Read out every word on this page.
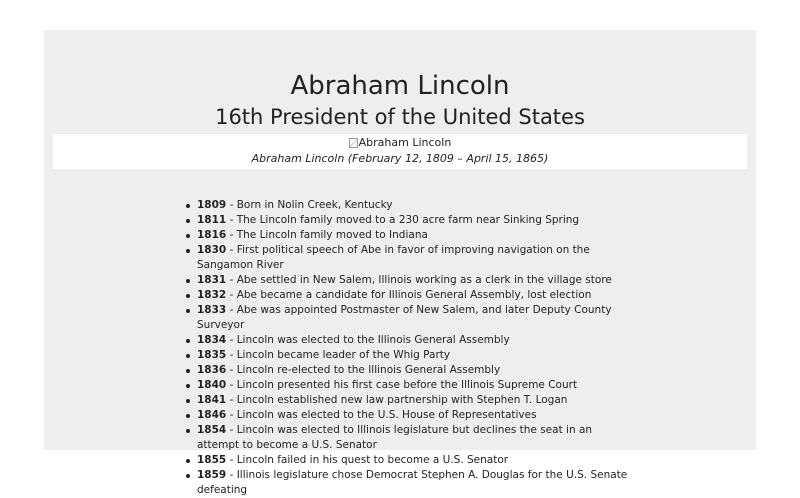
Abraham Lincoln
16th President of the United States
Abraham Lincoln
Abraham Lincoln (February 12, 1809 – April 15, 1865)
1809 - Born in Nolin Creek, Kentucky
1811 - The Lincoln family moved to a 230 acre farm near Sinking Spring
1816 - The Lincoln family moved to Indiana
1830 - First political speech of Abe in favor of improving navigation on the Sangamon River
1831 - Abe settled in New Salem, Illinois working as a clerk in the village store
1832 - Abe became a candidate for Illinois General Assembly, lost election
1833 - Abe was appointed Postmaster of New Salem, and later Deputy County Surveyor
1834 - Lincoln was elected to the Illinois General Assembly
1835 - Lincoln became leader of the Whig Party
1836 - Lincoln re-elected to the Illinois General Assembly
1840 - Lincoln presented his first case before the Illinois Supreme Court
1841 - Lincoln established new law partnership with Stephen T. Logan
1846 - Lincoln was elected to the U.S. House of Representatives
1854 - Lincoln was elected to Illinois legislature but declines the seat in an attempt to become a U.S. Senator
1855 - Lincoln failed in his quest to become a U.S. Senator
1859 - Illinois legislature chose Democrat Stephen A. Douglas for the U.S. Senate defeating
